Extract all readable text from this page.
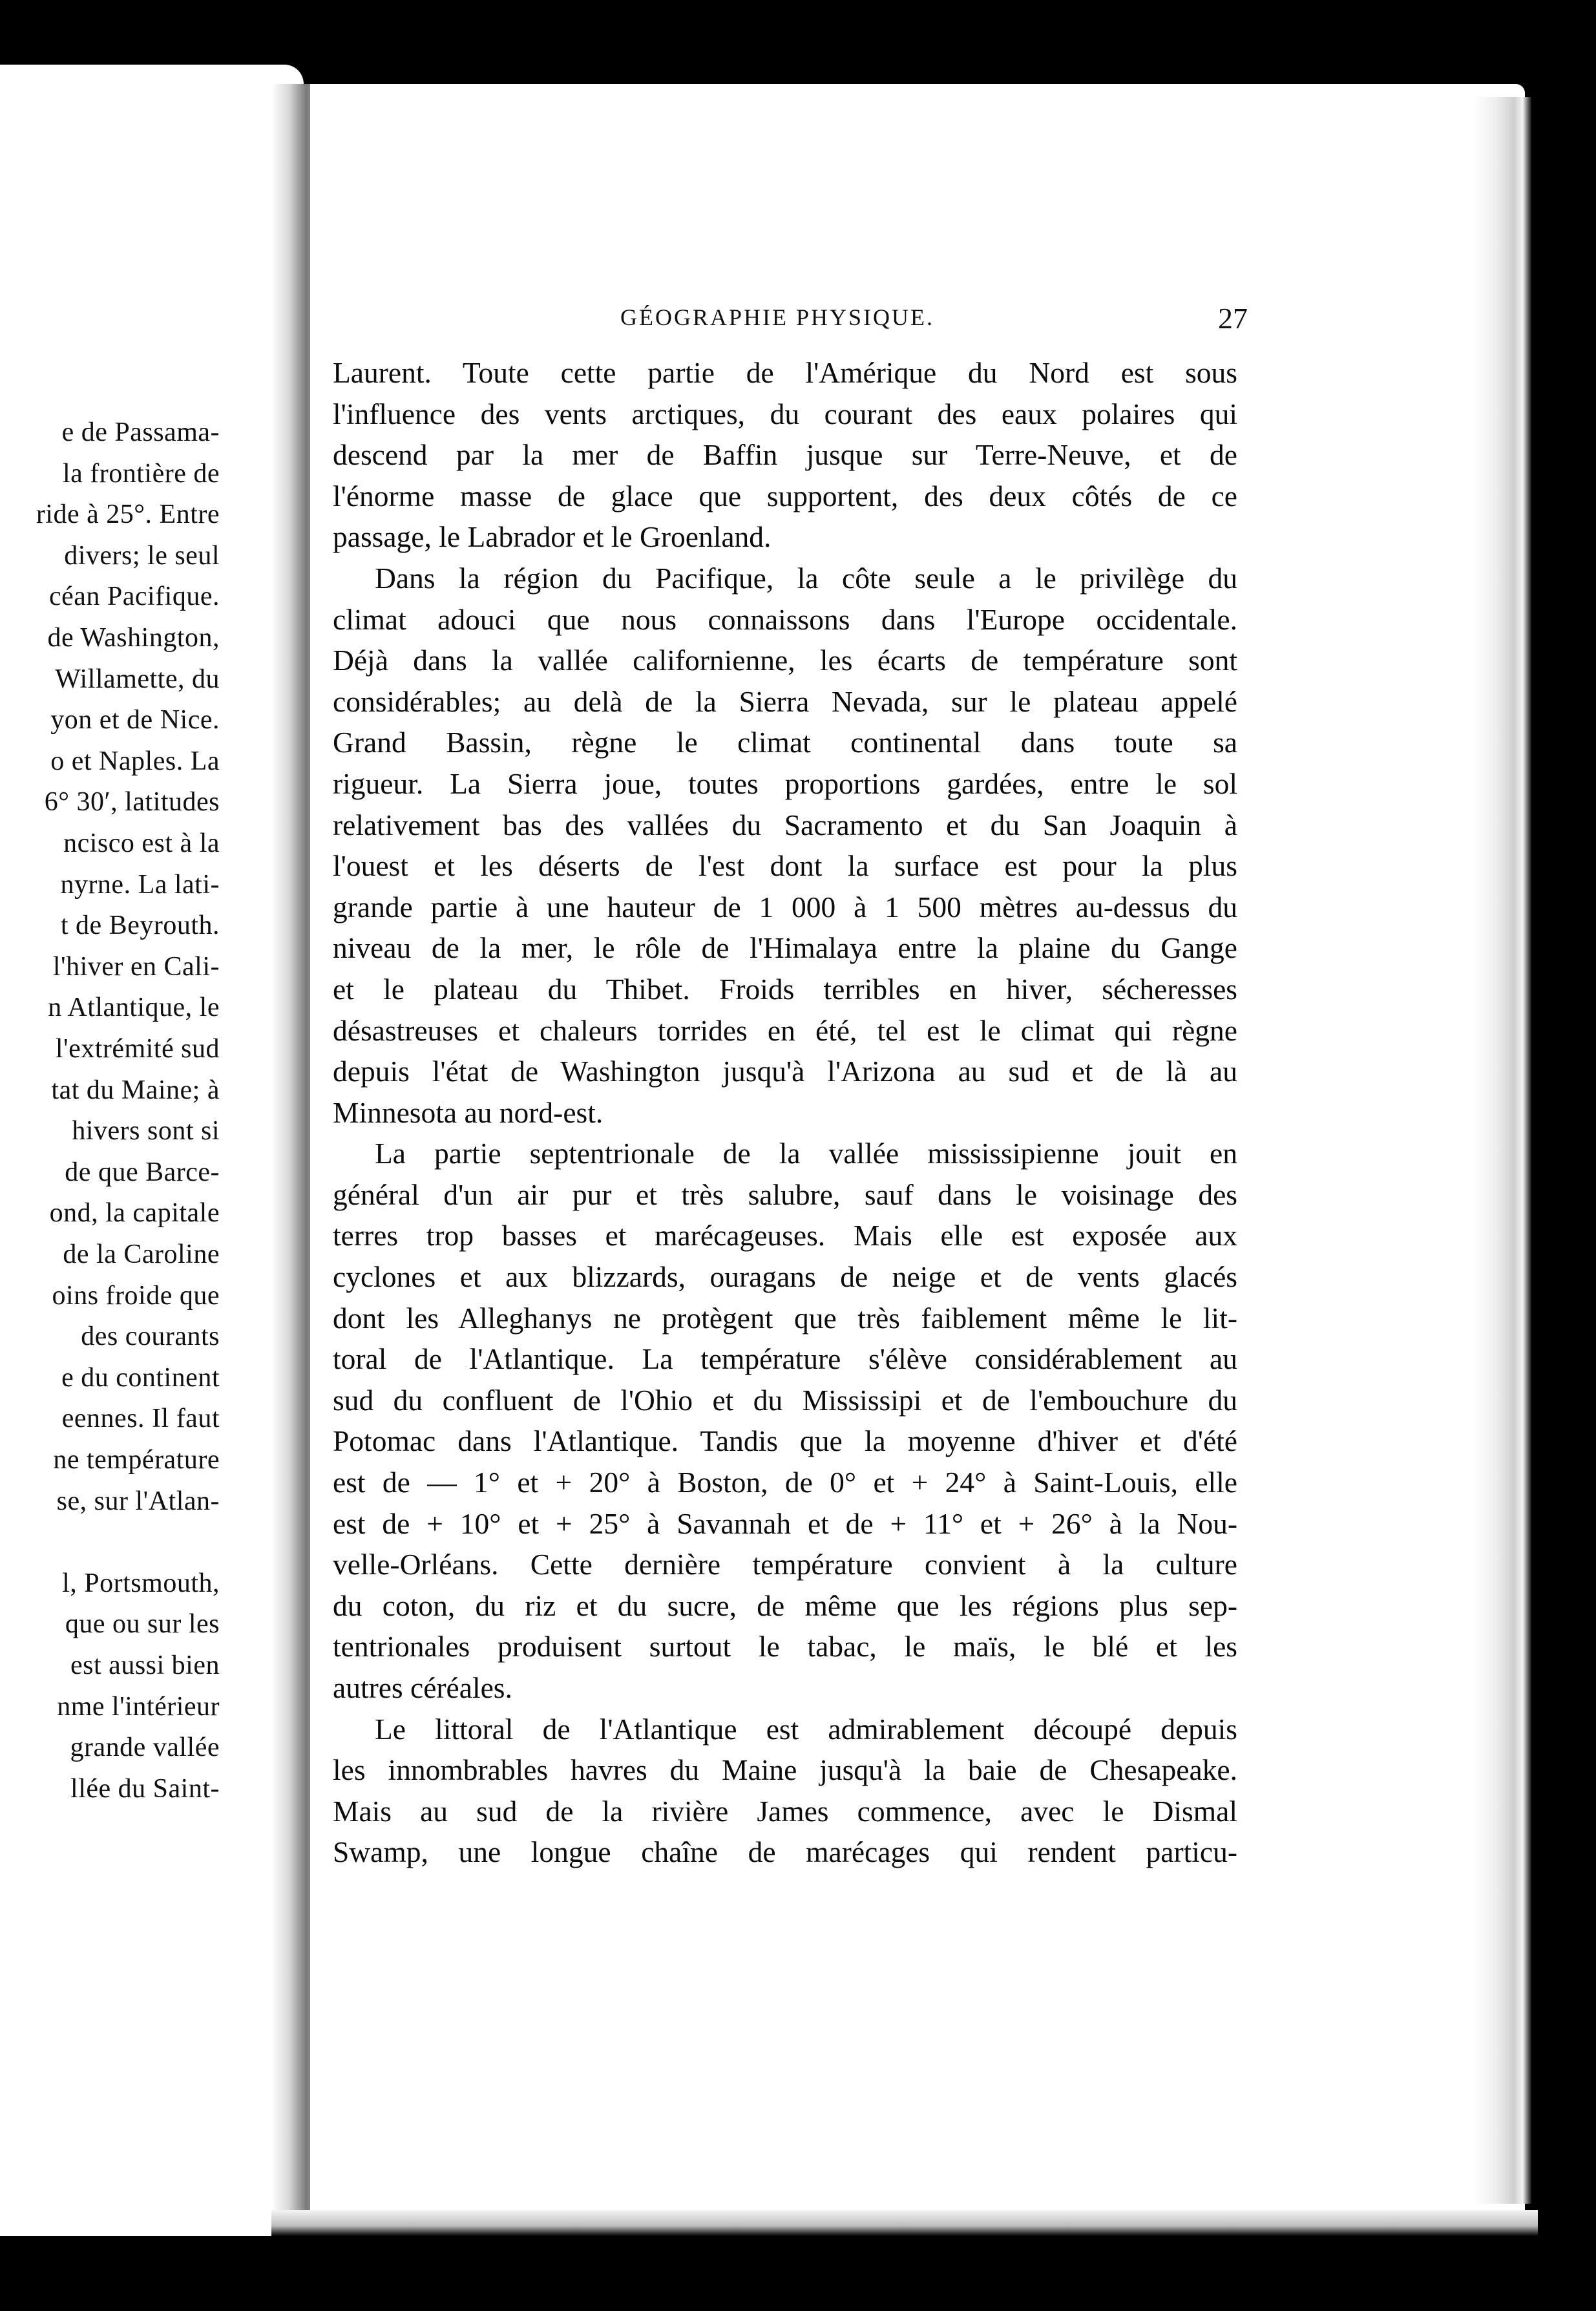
e de Passama-
la frontière de
ride à 25°. Entre
divers; le seul
céan Pacifique.
de Washington,
Willamette, du
yon et de Nice.
o et Naples. La
6° 30′, latitudes
ncisco est à la
nyrne. La lati-
t de Beyrouth.
l'hiver en Cali-
n Atlantique, le
l'extrémité sud
tat du Maine; à
hivers sont si
de que Barce-
ond, la capitale
de la Caroline
oins froide que
des courants
e du continent
eennes. Il faut
ne température
se, sur l'Atlan-
l, Portsmouth,
que ou sur les
est aussi bien
nme l'intérieur
grande vallée
llée du Saint-
GÉOGRAPHIE PHYSIQUE.	27
Laurent. Toute cette partie de l'Amérique du Nord est sous
l'influence des vents arctiques, du courant des eaux polaires qui
descend par la mer de Baffin jusque sur Terre-Neuve, et de
l'énorme masse de glace que supportent, des deux côtés de ce
passage, le Labrador et le Groenland.
Dans la région du Pacifique, la côte seule a le privilège du
climat adouci que nous connaissons dans l'Europe occidentale.
Déjà dans la vallée californienne, les écarts de température sont
considérables; au delà de la Sierra Nevada, sur le plateau appelé
Grand Bassin, règne le climat continental dans toute sa
rigueur. La Sierra joue, toutes proportions gardées, entre le sol
relativement bas des vallées du Sacramento et du San Joaquin à
l'ouest et les déserts de l'est dont la surface est pour la plus
grande partie à une hauteur de 1 000 à 1 500 mètres au-dessus du
niveau de la mer, le rôle de l'Himalaya entre la plaine du Gange
et le plateau du Thibet. Froids terribles en hiver, sécheresses
désastreuses et chaleurs torrides en été, tel est le climat qui règne
depuis l'état de Washington jusqu'à l'Arizona au sud et de là au
Minnesota au nord-est.
La partie septentrionale de la vallée mississipienne jouit en
général d'un air pur et très salubre, sauf dans le voisinage des
terres trop basses et marécageuses. Mais elle est exposée aux
cyclones et aux blizzards, ouragans de neige et de vents glacés
dont les Alleghanys ne protègent que très faiblement même le lit-
toral de l'Atlantique. La température s'élève considérablement au
sud du confluent de l'Ohio et du Mississipi et de l'embouchure du
Potomac dans l'Atlantique. Tandis que la moyenne d'hiver et d'été
est de — 1° et + 20° à Boston, de 0° et + 24° à Saint-Louis, elle
est de + 10° et + 25° à Savannah et de + 11° et + 26° à la Nou-
velle-Orléans. Cette dernière température convient à la culture
du coton, du riz et du sucre, de même que les régions plus sep-
tentrionales produisent surtout le tabac, le maïs, le blé et les
autres céréales.
Le littoral de l'Atlantique est admirablement découpé depuis
les innombrables havres du Maine jusqu'à la baie de Chesapeake.
Mais au sud de la rivière James commence, avec le Dismal
Swamp, une longue chaîne de marécages qui rendent particu-
